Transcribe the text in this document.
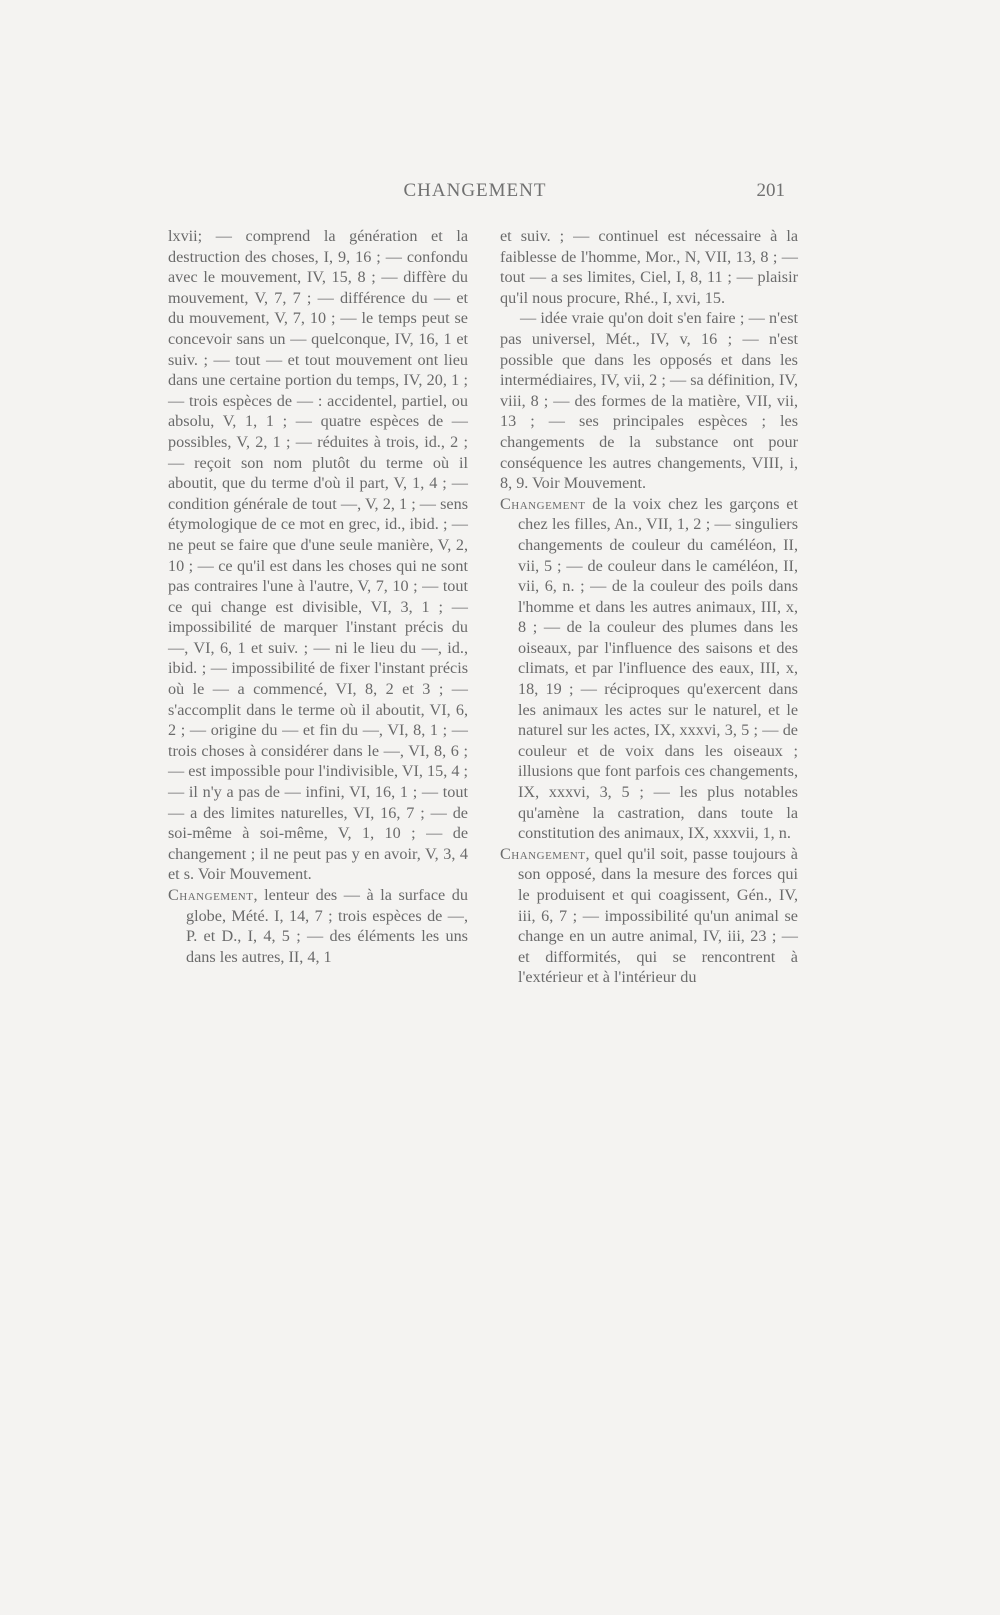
CHANGEMENT	201

lxvii; — comprend la génération et la destruction des choses, I, 9, 16 ; — confondu avec le mouvement, IV, 15, 8 ; — diffère du mouvement, V, 7, 7 ; — différence du — et du mouvement, V, 7, 10 ; — le temps peut se concevoir sans un — quelconque, IV, 16, 1 et suiv. ; — tout — et tout mouvement ont lieu dans une certaine portion du temps, IV, 20, 1 ; — trois espèces de — : accidentel, partiel, ou absolu, V, 1, 1 ; — quatre espèces de — possibles, V, 2, 1 ; — réduites à trois, id., 2 ; — reçoit son nom plutôt du terme où il aboutit, que du terme d'où il part, V, 1, 4 ; — condition générale de tout —, V, 2, 1 ; — sens étymologique de ce mot en grec, id., ibid. ; — ne peut se faire que d'une seule manière, V, 2, 10 ; — ce qu'il est dans les choses qui ne sont pas contraires l'une à l'autre, V, 7, 10 ; — tout ce qui change est divisible, VI, 3, 1 ; — impossibilité de marquer l'instant précis du —, VI, 6, 1 et suiv. ; — ni le lieu du —, id., ibid. ; — impossibilité de fixer l'instant précis où le — a commencé, VI, 8, 2 et 3 ; — s'accomplit dans le terme où il aboutit, VI, 6, 2 ; — origine du — et fin du —, VI, 8, 1 ; — trois choses à considérer dans le —, VI, 8, 6 ; — est impossible pour l'indivisible, VI, 15, 4 ; — il n'y a pas de — infini, VI, 16, 1 ; — tout — a des limites naturelles, VI, 16, 7 ; — de soi-même à soi-même, V, 1, 10 ; — de changement ; il ne peut pas y en avoir, V, 3, 4 et s. Voir Mouvement.

Changement, lenteur des — à la surface du globe, Mété. I, 14, 7 ; trois espèces de —, P. et D., I, 4, 5 ; — des éléments les uns dans les autres, II, 4, 1

et suiv. ; — continuel est nécessaire à la faiblesse de l'homme, Mor., N, VII, 13, 8 ; — tout — a ses limites, Ciel, I, 8, 11 ; — plaisir qu'il nous procure, Rhé., I, xvi, 15.

— idée vraie qu'on doit s'en faire ; — n'est pas universel, Mét., IV, v, 16 ; — n'est possible que dans les opposés et dans les intermédiaires, IV, vii, 2 ; — sa définition, IV, viii, 8 ; — des formes de la matière, VII, vii, 13 ; — ses principales espèces ; les changements de la substance ont pour conséquence les autres changements, VIII, i, 8, 9. Voir Mouvement.

Changement de la voix chez les garçons et chez les filles, An., VII, 1, 2 ; — singuliers changements de couleur du caméléon, II, vii, 5 ; — de couleur dans le caméléon, II, vii, 6, n. ; — de la couleur des poils dans l'homme et dans les autres animaux, III, x, 8 ; — de la couleur des plumes dans les oiseaux, par l'influence des saisons et des climats, et par l'influence des eaux, III, x, 18, 19 ; — réciproques qu'exercent dans les animaux les actes sur le naturel, et le naturel sur les actes, IX, xxxvi, 3, 5 ; — de couleur et de voix dans les oiseaux ; illusions que font parfois ces changements, IX, xxxvi, 3, 5 ; — les plus notables qu'amène la castration, dans toute la constitution des animaux, IX, xxxvii, 1, n.

Changement, quel qu'il soit, passe toujours à son opposé, dans la mesure des forces qui le produisent et qui coagissent, Gén., IV, iii, 6, 7 ; — impossibilité qu'un animal se change en un autre animal, IV, iii, 23 ; — et difformités, qui se rencontrent à l'extérieur et à l'intérieur du
